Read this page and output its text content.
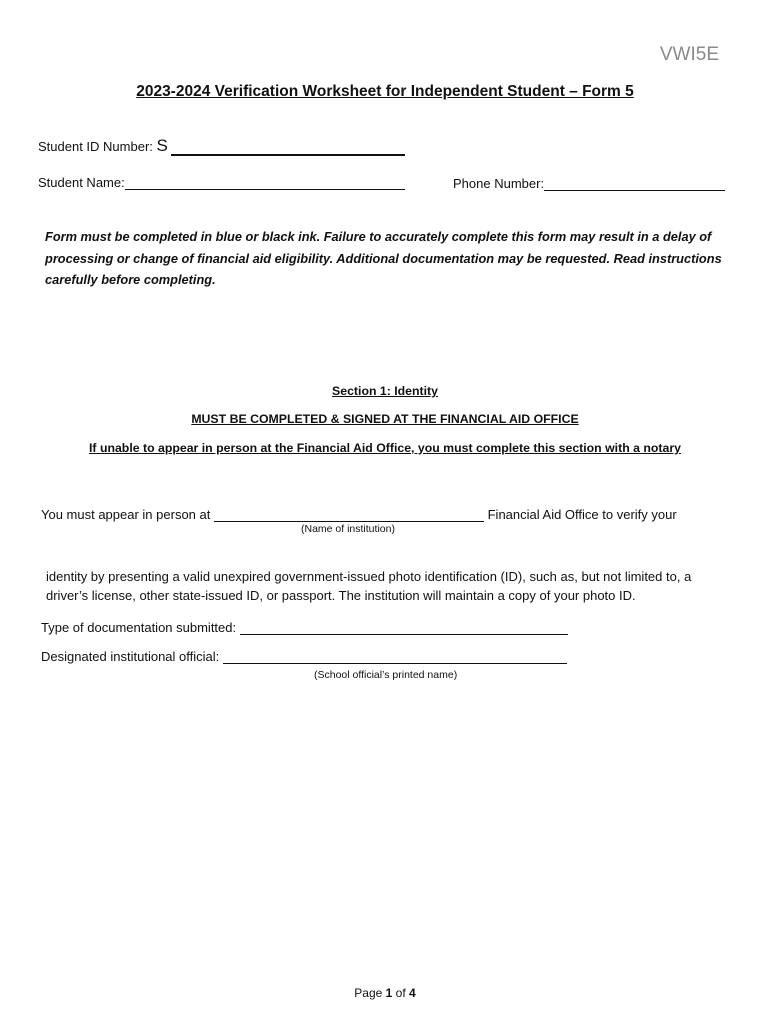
VWI5E
2023-2024 Verification Worksheet for Independent Student – Form 5
Student ID Number: S
Student Name:	Phone Number:
Form must be completed in blue or black ink. Failure to accurately complete this form may result in a delay of processing or change of financial aid eligibility. Additional documentation may be requested. Read instructions carefully before completing.
Section 1: Identity
MUST BE COMPLETED & SIGNED AT THE FINANCIAL AID OFFICE
If unable to appear in person at the Financial Aid Office, you must complete this section with a notary
You must appear in person at	Financial Aid Office to verify your
(Name of institution)
identity by presenting a valid unexpired government-issued photo identification (ID), such as, but not limited to, a driver’s license, other state-issued ID, or passport. The institution will maintain a copy of your photo ID.
Type of documentation submitted:
Designated institutional official:
(School official’s printed name)
Page 1 of 4
